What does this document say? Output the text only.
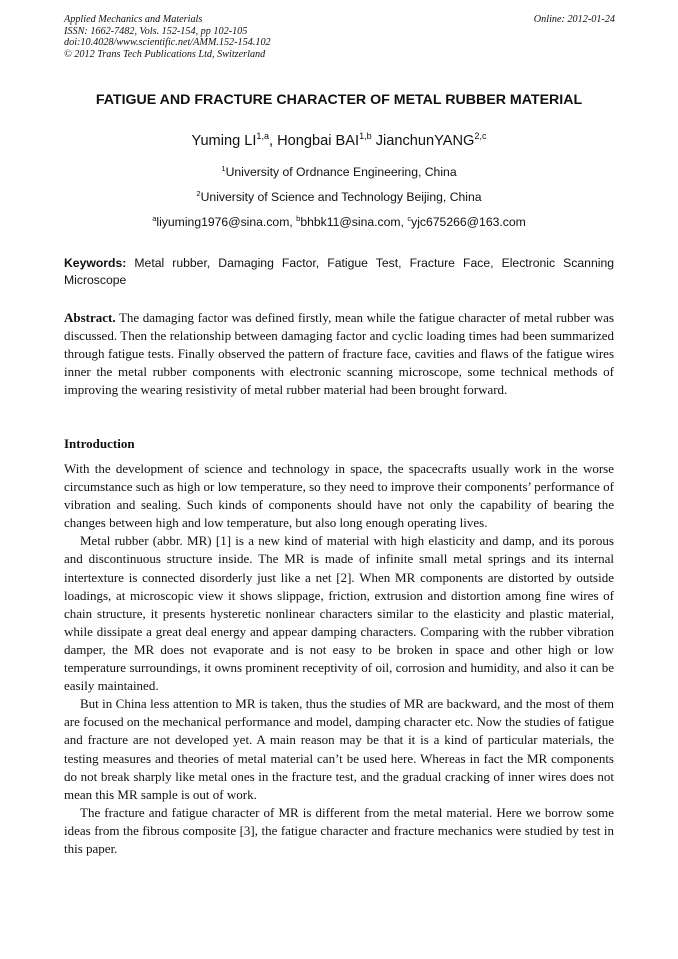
Applied Mechanics and Materials
ISSN: 1662-7482, Vols. 152-154, pp 102-105
doi:10.4028/www.scientific.net/AMM.152-154.102
© 2012 Trans Tech Publications Ltd, Switzerland
Online: 2012-01-24
FATIGUE AND FRACTURE CHARACTER OF METAL RUBBER MATERIAL
Yuming LI$^{1,a}$, Hongbai BAI$^{1,b}$ JianchunYANG$^{2,c}$
$^1$University of Ordnance Engineering, China
$^2$University of Science and Technology Beijing, China
$^a$liyuming1976@sina.com, $^b$bhbk11@sina.com, $^c$yjc675266@163.com
Keywords: Metal rubber, Damaging Factor, Fatigue Test, Fracture Face, Electronic Scanning Microscope
Abstract. The damaging factor was defined firstly, mean while the fatigue character of metal rubber was discussed. Then the relationship between damaging factor and cyclic loading times had been summarized through fatigue tests. Finally observed the pattern of fracture face, cavities and flaws of the fatigue wires inner the metal rubber components with electronic scanning microscope, some technical methods of improving the wearing resistivity of metal rubber material had been brought forward.
Introduction

With the development of science and technology in space, the spacecrafts usually work in the worse circumstance such as high or low temperature, so they need to improve their components’ performance of vibration and sealing. Such kinds of components should have not only the capability of bearing the changes between high and low temperature, but also long enough operating lives.

Metal rubber (abbr. MR) [1] is a new kind of material with high elasticity and damp, and its porous and discontinuous structure inside. The MR is made of infinite small metal springs and its internal intertexture is connected disorderly just like a net [2]. When MR components are distorted by outside loadings, at microscopic view it shows slippage, friction, extrusion and distortion among fine wires of chain structure, it presents hysteretic nonlinear characters similar to the elasticity and plastic material, while dissipate a great deal energy and appear damping characters. Comparing with the rubber vibration damper, the MR does not evaporate and is not easy to be broken in space and other high or low temperature surroundings, it owns prominent receptivity of oil, corrosion and humidity, and also it can be easily maintained.

But in China less attention to MR is taken, thus the studies of MR are backward, and the most of them are focused on the mechanical performance and model, damping character etc. Now the studies of fatigue and fracture are not developed yet. A main reason may be that it is a kind of particular materials, the testing measures and theories of metal material can’t be used here. Whereas in fact the MR components do not break sharply like metal ones in the fracture test, and the gradual cracking of inner wires does not mean this MR sample is out of work.

The fracture and fatigue character of MR is different from the metal material. Here we borrow some ideas from the fibrous composite [3], the fatigue character and fracture mechanics were studied by test in this paper.
